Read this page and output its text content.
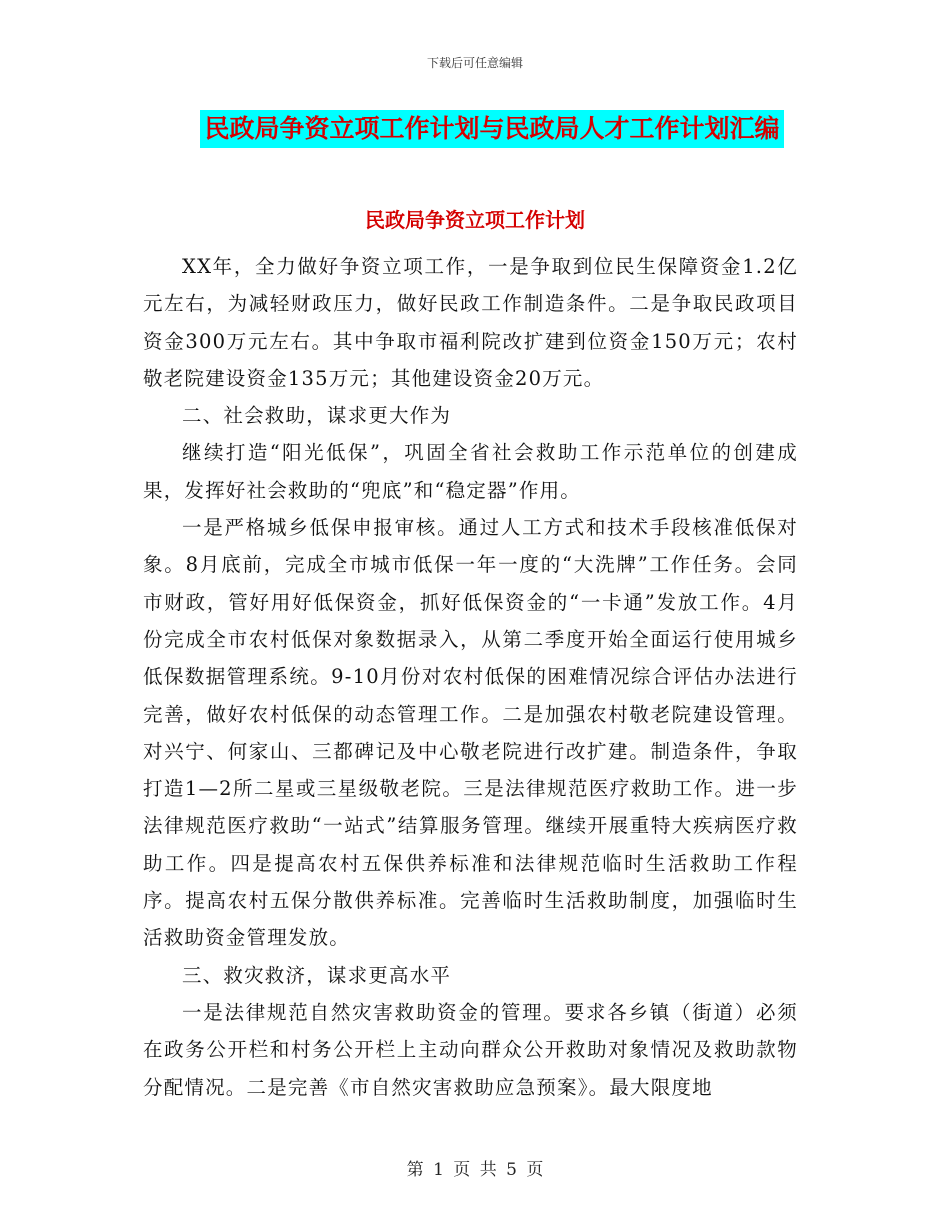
下载后可任意编辑
民政局争资立项工作计划与民政局人才工作计划汇编
民政局争资立项工作计划

XX年，全力做好争资立项工作，一是争取到位民生保障资金1.2亿元左右，为减轻财政压力，做好民政工作制造条件。二是争取民政项目资金300万元左右。其中争取市福利院改扩建到位资金150万元；农村敬老院建设资金135万元；其他建设资金20万元。

二、社会救助，谋求更大作为

继续打造“阳光低保”，巩固全省社会救助工作示范单位的创建成果，发挥好社会救助的“兜底”和“稳定器”作用。

一是严格城乡低保申报审核。通过人工方式和技术手段核准低保对象。8月底前，完成全市城市低保一年一度的“大洗牌”工作任务。会同市财政，管好用好低保资金，抓好低保资金的“一卡通”发放工作。4月份完成全市农村低保对象数据录入，从第二季度开始全面运行使用城乡低保数据管理系统。9-10月份对农村低保的困难情况综合评估办法进行完善，做好农村低保的动态管理工作。二是加强农村敬老院建设管理。对兴宁、何家山、三都碑记及中心敬老院进行改扩建。制造条件，争取打造1—2所二星或三星级敬老院。三是法律规范医疗救助工作。进一步法律规范医疗救助“一站式”结算服务管理。继续开展重特大疾病医疗救助工作。四是提高农村五保供养标准和法律规范临时生活救助工作程序。提高农村五保分散供养标准。完善临时生活救助制度，加强临时生活救助资金管理发放。

三、救灾救济，谋求更高水平

一是法律规范自然灾害救助资金的管理。要求各乡镇（街道）必须在政务公开栏和村务公开栏上主动向群众公开救助对象情况及救助款物分配情况。二是完善《市自然灾害救助应急预案》。最大限度地

第 1 页 共 5 页
